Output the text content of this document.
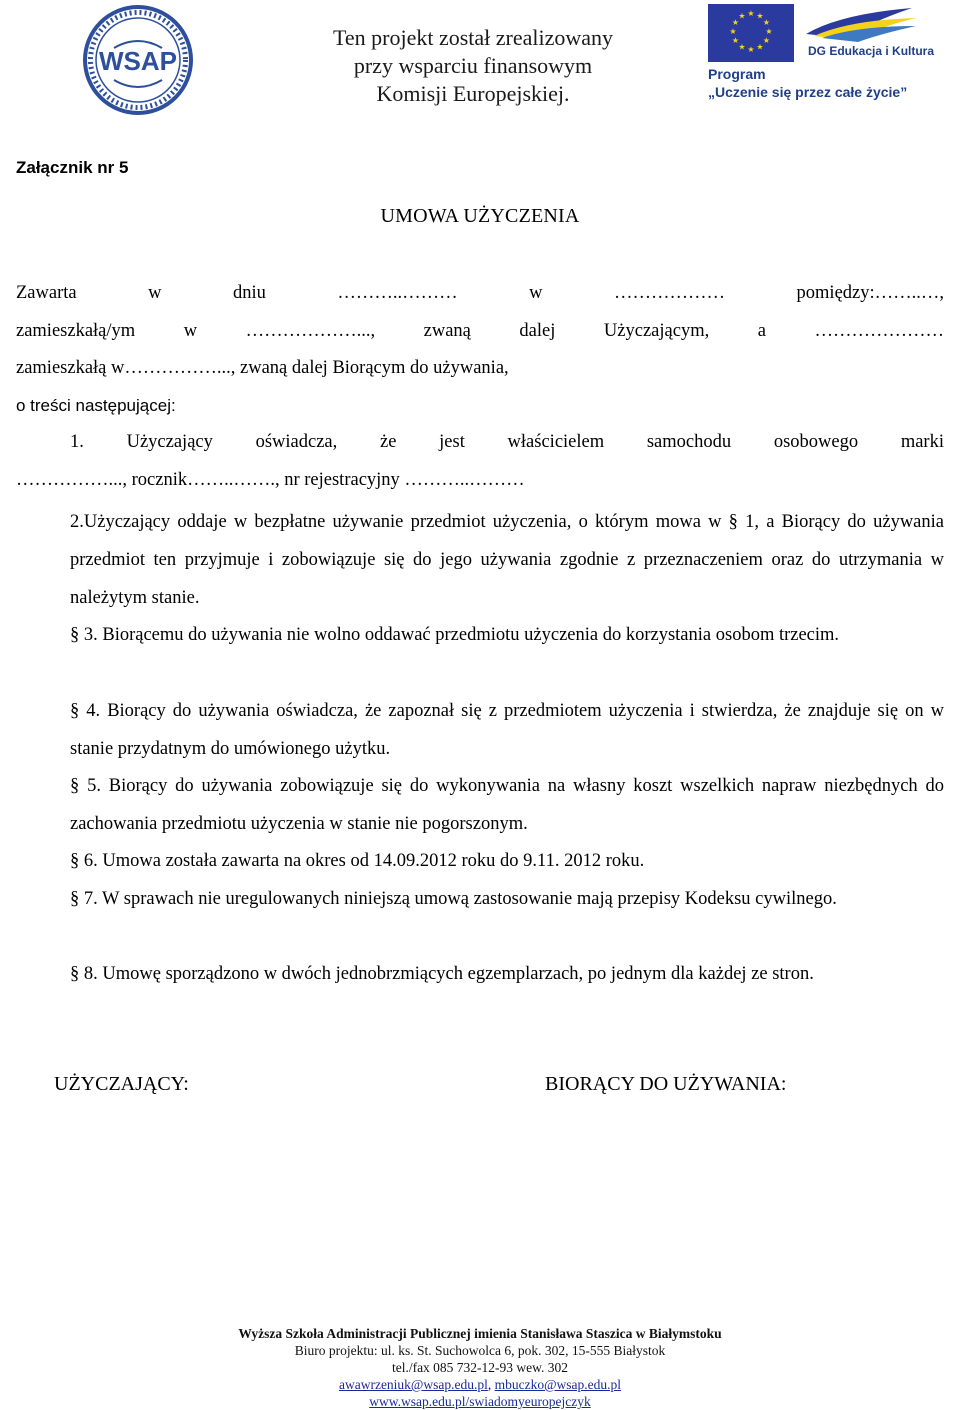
WSAP
Ten projekt został zrealizowany
przy wsparciu finansowym
Komisji Europejskiej.
★ ★
★
★
★
★
★
★
★
★
★
★
DG Edukacja i Kultura
Program
„Uczenie się przez całe życie”
Załącznik nr 5
UMOWA UŻYCZENIA
Zawarta w dniu ………..……… w ……………… pomiędzy:……..…,
zamieszkałą/ym w ………………..., zwaną dalej Użyczającym, a …………………
zamieszkałą w……………..., zwaną dalej Biorącym do używania,
o treści następującej:
1. Użyczający oświadcza, że jest właścicielem samochodu osobowego marki
……………..., rocznik……..……., nr rejestracyjny ………..………
2.Użyczający oddaje w bezpłatne używanie przedmiot użyczenia, o którym mowa w § 1, a Biorący do używania przedmiot ten przyjmuje i zobowiązuje się do jego używania zgodnie z przeznaczeniem oraz do utrzymania w należytym stanie.
§ 3. Biorącemu do używania nie wolno oddawać przedmiotu użyczenia do korzystania osobom trzecim.
§ 4. Biorący do używania oświadcza, że zapoznał się z przedmiotem użyczenia i stwierdza, że znajduje się on w stanie przydatnym do umówionego użytku.
§ 5. Biorący do używania zobowiązuje się do wykonywania na własny koszt wszelkich napraw niezbędnych do zachowania przedmiotu użyczenia w stanie nie pogorszonym.
§ 6. Umowa została zawarta na okres od 14.09.2012 roku do 9.11. 2012 roku.
§ 7. W sprawach nie uregulowanych niniejszą umową zastosowanie mają przepisy Kodeksu cywilnego.
§ 8. Umowę sporządzono w dwóch jednobrzmiących egzemplarzach, po jednym dla każdej ze stron.
UŻYCZAJĄCY:	BIORĄCY DO UŻYWANIA:
Wyższa Szkoła Administracji Publicznej imienia Stanisława Staszica w Białymstoku
Biuro projektu: ul. ks. St. Suchowolca 6, pok. 302, 15-555 Białystok
tel./fax 085 732-12-93 wew. 302
awawrzeniuk@wsap.edu.pl, mbuczko@wsap.edu.pl
www.wsap.edu.pl/swiadomyeuropejczyk
